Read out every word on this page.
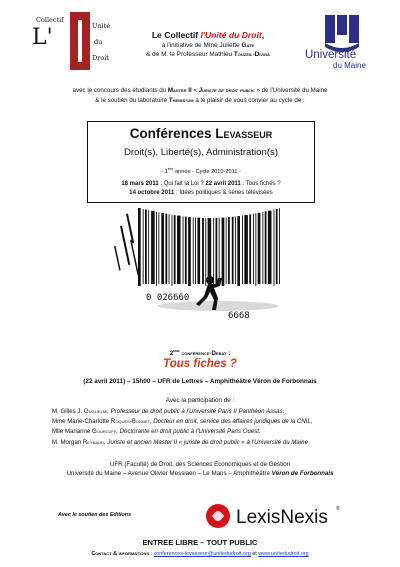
Collectif
L'	Unité
du
Droit	Université
du Maine
Le Collectif l'Unité du Droit,
à l'initiative de Mme Juliette Gate
& de M. le Professeur Mathieu Touzeil-Divina
avec le concours des étudiants du Master II « Juriste de droit public » de l'Université du Maine
& le soutien du laboratoire Themis-um a le plaisir de vous convier au cycle de :
Conférences Levasseur
Droit(s), Liberté(s), Administration(s)
- 1ère année - Cycle 2010-2011 -
18 mars 2011 : Qui fait la Loi ? 22 avril 2011 : Tous fichés ?
14 octobre 2011 : Idées politiques & séries télévisées
0 026660
6668
2ème conférence-Débat :
Tous fiches ?
(22 avril 2011) – 15h00 – UFR de Lettres – Amphithéâtre Véron de Forbonnais
Avec la participation de :
M. Gilles J. Guglielmi, Professeur de droit public à l'Université Paris II Panthéon Assas,
Mme Marie-Charlotte Roques-Bonnet, Docteur en droit, service des affaires juridiques de la CNIL,
Mlle Marianne Gourcuff, Doctorante en droit public à l'Université Paris Ouest,
M. Morgan Reynaud, Juriste et ancien Master II « juriste de droit public » à l'Université du Maine
UFR (Faculté) de Droit, des Sciences Economiques et de Gestion
Université du Maine – Avenue Olivier Messiaen – Le Mans – Amphithéâtre Véron de Forbonnais
Avec le soutien des Editions	LexisNexis ®
ENTREE LIBRE – TOUT PUBLIC
Contact & informations : conferences-levasseur@unitedudroit.org et www.unitedudroit.org
